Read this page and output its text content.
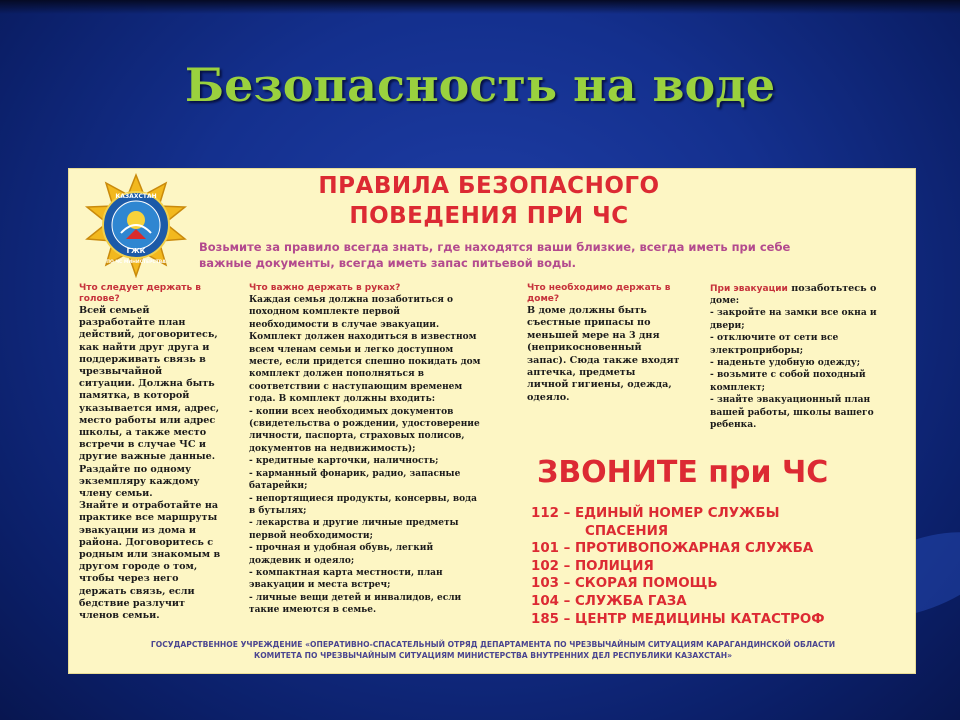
Безопасность на воде
КАЗАХСТАН
ГЖК
ПО ЧС МИНИСТЕРСТВА
ПРАВИЛА БЕЗОПАСНОГО
ПОВЕДЕНИЯ ПРИ ЧС
Возьмите за правило всегда знать, где находятся ваши близкие, всегда иметь при себе
важные документы, всегда иметь запас питьевой воды.
Что следует держать в
голове?
Всей семьей
разработайте план
действий, договоритесь,
как найти друг друга и
поддерживать связь в
чрезвычайной
ситуации. Должна быть
памятка, в которой
указывается имя, адрес,
место работы или адрес
школы, а также место
встречи в случае ЧС и
другие важные данные.
Раздайте по одному
экземпляру каждому
члену семьи.
Знайте и отработайте на
практике все маршруты
эвакуации из дома и
района. Договоритесь с
родным или знакомым в
другом городе о том,
чтобы через него
держать связь, если
бедствие разлучит
членов семьи.
Что важно держать в руках?
Каждая семья должна позаботиться о
походном комплекте первой
необходимости в случае эвакуации.
Комплект должен находиться в известном
всем членам семьи и легко доступном
месте, если придется спешно покидать дом
комплект должен пополняться в
соответствии с наступающим временем
года. В комплект должны входить:
- копии всех необходимых документов
(свидетельства о рождении, удостоверение
личности, паспорта, страховых полисов,
документов на недвижимость);
- кредитные карточки, наличность;
- карманный фонарик, радио, запасные
батарейки;
- непортящиеся продукты, консервы, вода
в бутылях;
- лекарства и другие личные предметы
первой необходимости;
- прочная и удобная обувь, легкий
дождевик и одеяло;
- компактная карта местности, план
эвакуации и места встреч;
- личные вещи детей и инвалидов, если
такие имеются в семье.
Что необходимо держать в
доме?
В доме должны быть
съестные припасы по
меньшей мере на 3 дня
(неприкосновенный
запас). Сюда также входят
аптечка, предметы
личной гигиены, одежда,
одеяло.
При эвакуации позаботьтесь о
доме:
- закройте на замки все окна и
двери;
- отключите от сети все
электроприборы;
- наденьте удобную одежду;
- возьмите с собой походный
комплект;
- знайте эвакуационный план
вашей работы, школы вашего
ребенка.
ЗВОНИТЕ при ЧС
112 – ЕДИНЫЙ НОМЕР СЛУЖБЫ
СПАСЕНИЯ
101 – ПРОТИВОПОЖАРНАЯ СЛУЖБА
102 – ПОЛИЦИЯ
103 – СКОРАЯ ПОМОЩЬ
104 – СЛУЖБА ГАЗА
185 – ЦЕНТР МЕДИЦИНЫ КАТАСТРОФ
ГОСУДАРСТВЕННОЕ УЧРЕЖДЕНИЕ «ОПЕРАТИВНО-СПАСАТЕЛЬНЫЙ ОТРЯД ДЕПАРТАМЕНТА ПО ЧРЕЗВЫЧАЙНЫМ СИТУАЦИЯМ КАРАГАНДИНСКОЙ ОБЛАСТИ
КОМИТЕТА ПО ЧРЕЗВЫЧАЙНЫМ СИТУАЦИЯМ МИНИСТЕРСТВА ВНУТРЕННИХ ДЕЛ РЕСПУБЛИКИ КАЗАХСТАН»
